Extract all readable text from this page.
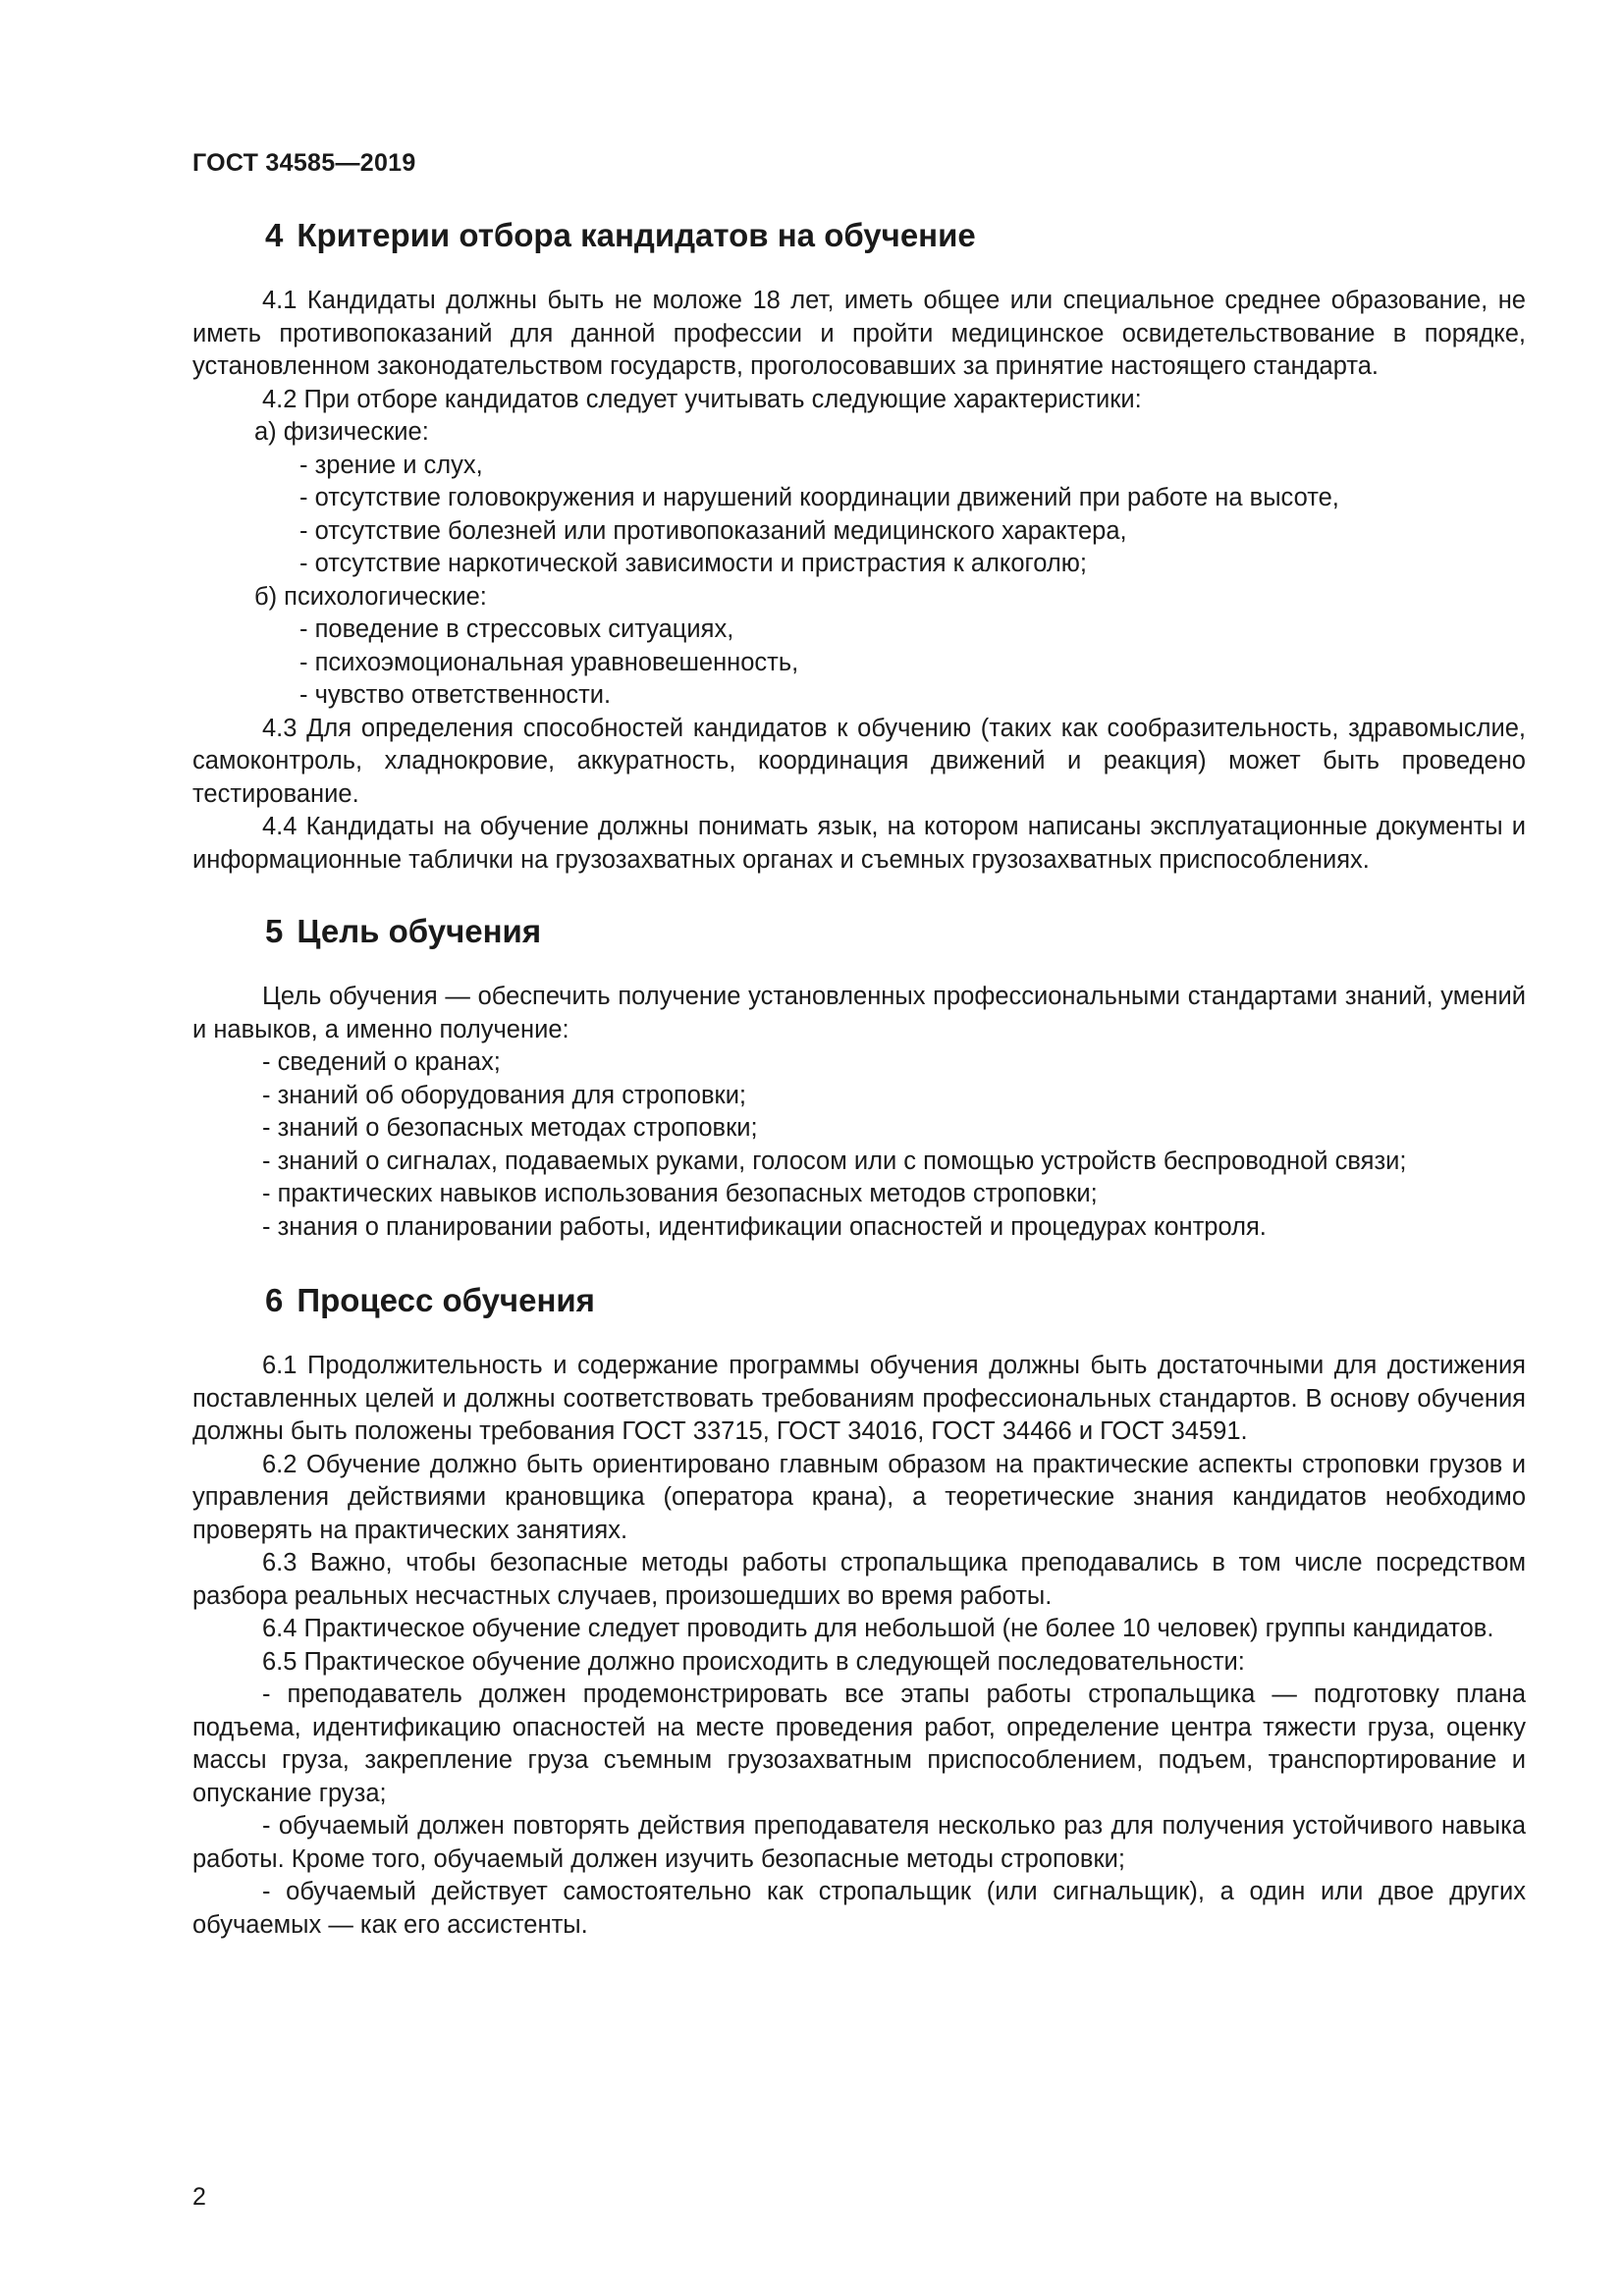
ГОСТ 34585—2019
4 Критерии отбора кандидатов на обучение

4.1 Кандидаты должны быть не моложе 18 лет, иметь общее или специальное среднее образование, не иметь противопоказаний для данной профессии и пройти медицинское освидетельствование в порядке, установленном законодательством государств, проголосовавших за принятие настоящего стандарта.

4.2 При отборе кандидатов следует учитывать следующие характеристики:

а) физические:

- зрение и слух,

- отсутствие головокружения и нарушений координации движений при работе на высоте,

- отсутствие болезней или противопоказаний медицинского характера,

- отсутствие наркотической зависимости и пристрастия к алкоголю;

б) психологические:

- поведение в стрессовых ситуациях,

- психоэмоциональная уравновешенность,

- чувство ответственности.

4.3 Для определения способностей кандидатов к обучению (таких как сообразительность, здравомыслие, самоконтроль, хладнокровие, аккуратность, координация движений и реакция) может быть проведено тестирование.

4.4 Кандидаты на обучение должны понимать язык, на котором написаны эксплуатационные документы и информационные таблички на грузозахватных органах и съемных грузозахватных приспособлениях.

5 Цель обучения

Цель обучения — обеспечить получение установленных профессиональными стандартами знаний, умений и навыков, а именно получение:

- сведений о кранах;

- знаний об оборудования для строповки;

- знаний о безопасных методах строповки;

- знаний о сигналах, подаваемых руками, голосом или с помощью устройств беспроводной связи;

- практических навыков использования безопасных методов строповки;

- знания о планировании работы, идентификации опасностей и процедурах контроля.

6 Процесс обучения

6.1 Продолжительность и содержание программы обучения должны быть достаточными для достижения поставленных целей и должны соответствовать требованиям профессиональных стандартов. В основу обучения должны быть положены требования ГОСТ 33715, ГОСТ 34016, ГОСТ 34466 и ГОСТ 34591.

6.2 Обучение должно быть ориентировано главным образом на практические аспекты строповки грузов и управления действиями крановщика (оператора крана), а теоретические знания кандидатов необходимо проверять на практических занятиях.

6.3 Важно, чтобы безопасные методы работы стропальщика преподавались в том числе посредством разбора реальных несчастных случаев, произошедших во время работы.

6.4 Практическое обучение следует проводить для небольшой (не более 10 человек) группы кандидатов.

6.5 Практическое обучение должно происходить в следующей последовательности:

- преподаватель должен продемонстрировать все этапы работы стропальщика — подготовку плана подъема, идентификацию опасностей на месте проведения работ, определение центра тяжести груза, оценку массы груза, закрепление груза съемным грузозахватным приспособлением, подъем, транспортирование и опускание груза;

- обучаемый должен повторять действия преподавателя несколько раз для получения устойчивого навыка работы. Кроме того, обучаемый должен изучить безопасные методы строповки;

- обучаемый действует самостоятельно как стропальщик (или сигнальщик), а один или двое других обучаемых — как его ассистенты.

2
